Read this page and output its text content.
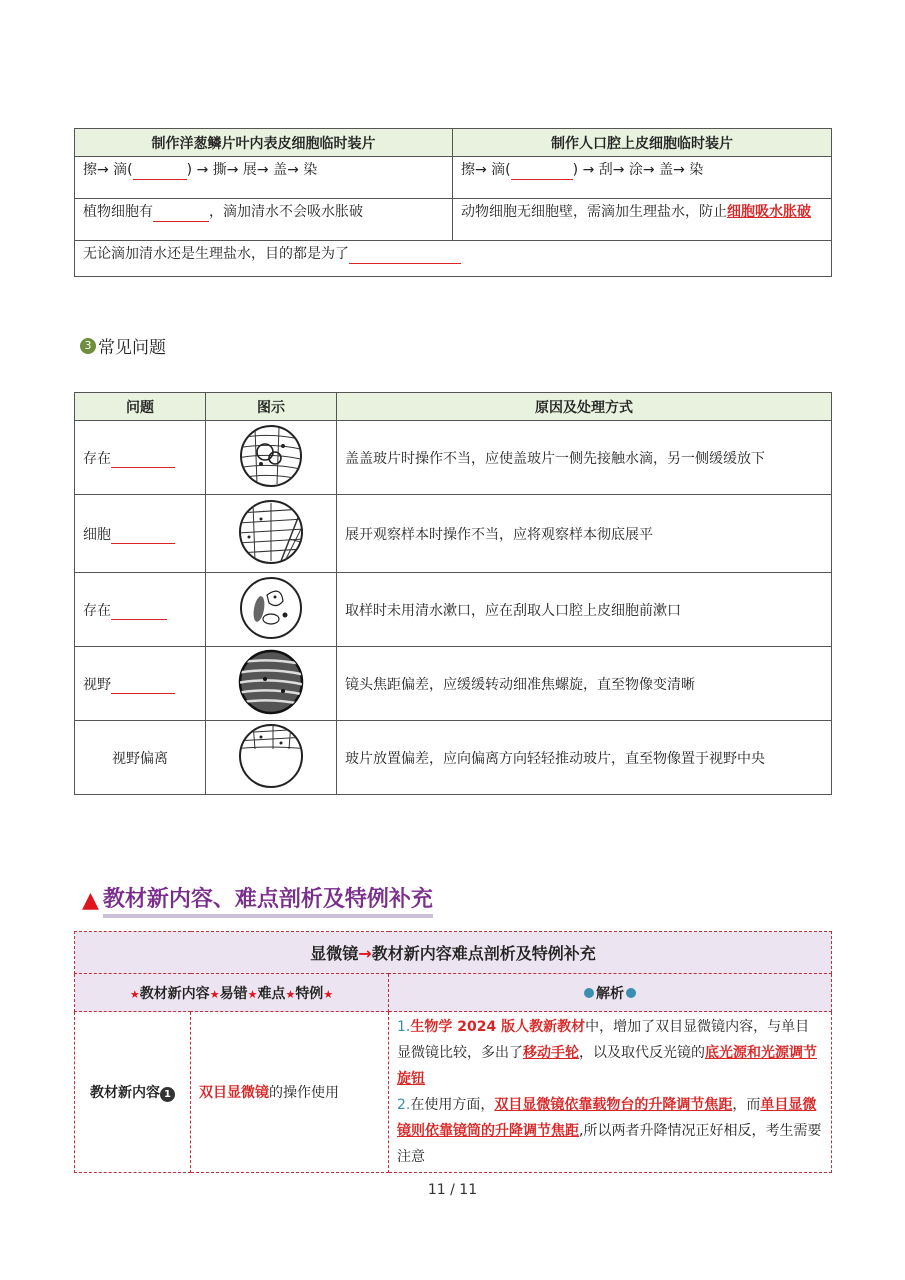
制作洋葱鳞片叶内表皮细胞临时装片	制作人口腔上皮细胞临时装片
擦→ 滴( ) → 撕→ 展→ 盖→ 染	擦→ 滴( ) → 刮→ 涂→ 盖→ 染
植物细胞有 ，滴加清水不会吸水胀破	动物细胞无细胞壁，需滴加生理盐水，防止细胞吸水胀破
无论滴加清水还是生理盐水，目的都是为了	
3 常见问题
问题	图示	原因及处理方式
存在		盖盖玻片时操作不当，应使盖玻片一侧先接触水滴，另一侧缓缓放下
细胞		展开观察样本时操作不当，应将观察样本彻底展平
存在		取样时未用清水漱口，应在刮取人口腔上皮细胞前漱口
视野		镜头焦距偏差，应缓缓转动细准焦螺旋，直至物像变清晰
视野偏离		玻片放置偏差，应向偏离方向轻轻推动玻片，直至物像置于视野中央
▲ 教材新内容、难点剖析及特例补充
显微镜→教材新内容难点剖析及特例补充		
★教材新内容★易错★难点★特例★		解析
教材新内容 1	双目显微镜的操作使用	1.生物学 2024 版人教新教材中，增加了双目显微镜内容，与单目显微镜比较，多出了移动手轮，以及取代反光镜的底光源和光源调节旋钮
2.在使用方面，双目显微镜依靠载物台的升降调节焦距，而单目显微镜则依靠镜筒的升降调节焦距,所以两者升降情况正好相反，考生需要注意
11 / 11
